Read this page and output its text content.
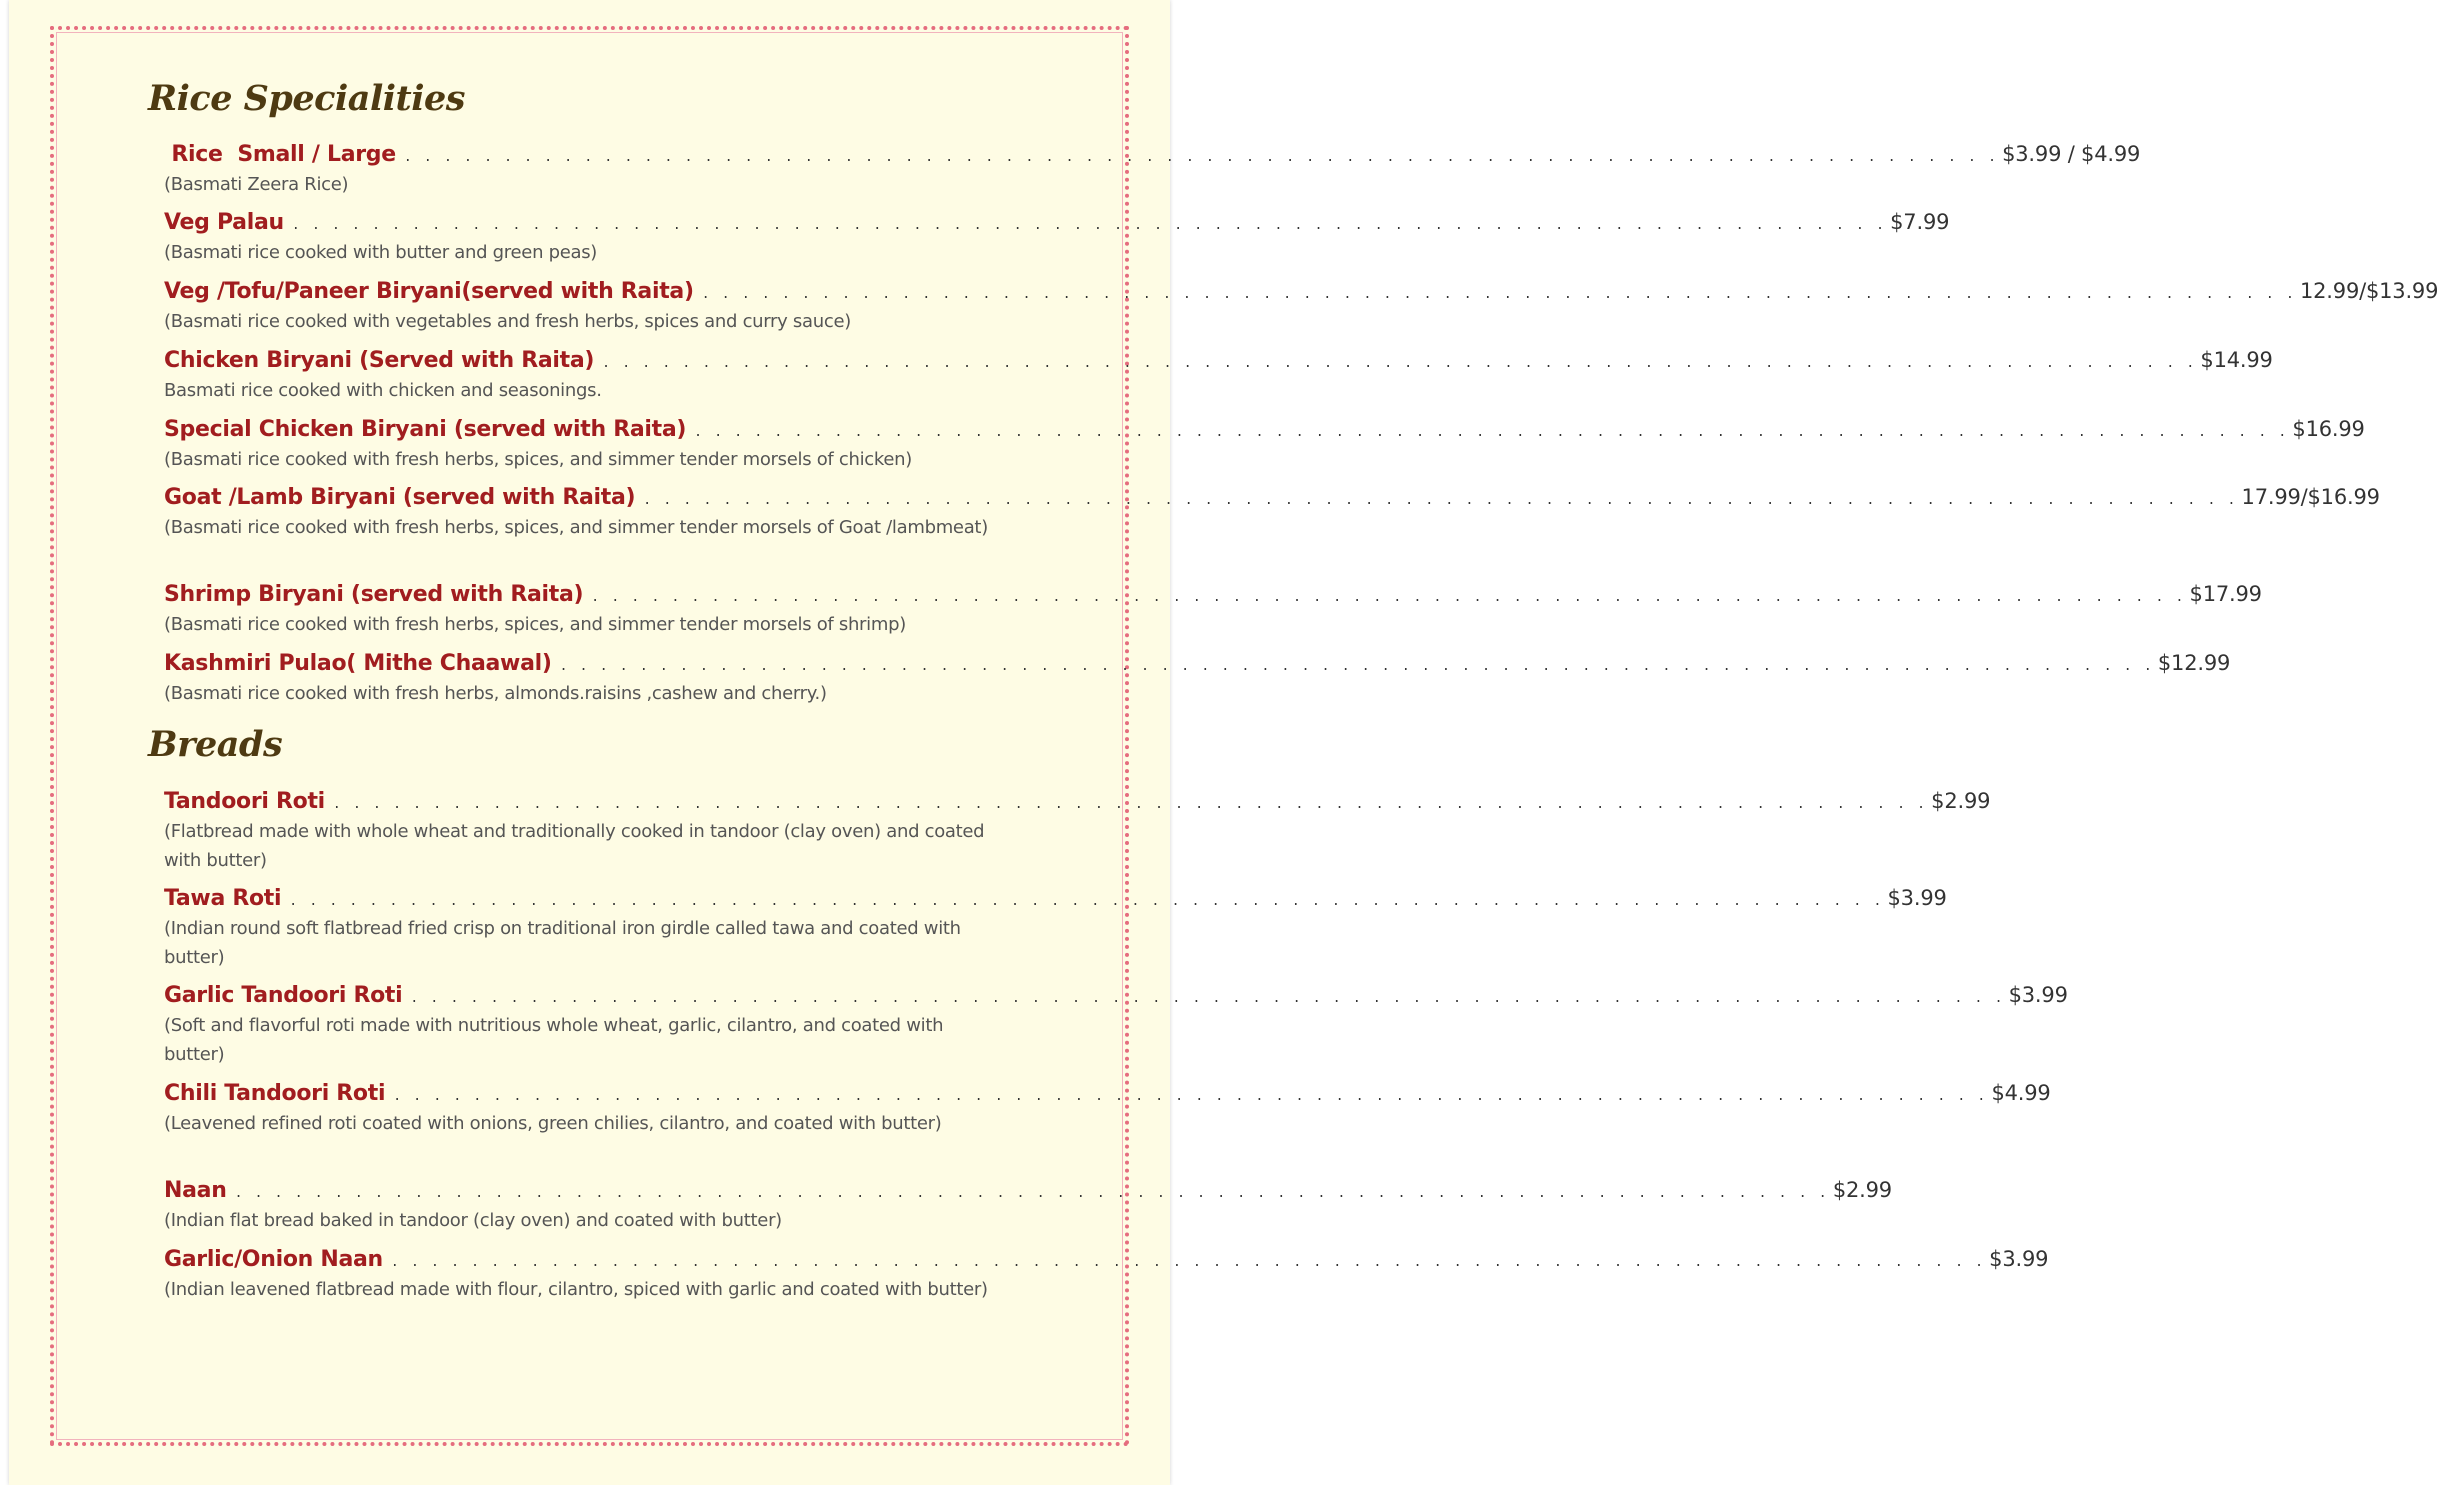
Rice Specialities
Rice  Small / Large . . . . . . . . . . . . . . . . . . . . . . . . . . . . . . . . . . . . . . . . . . . . . . . . . . . . . . . . . . . . . . . . . . . . . . . . . . . . . . . . $3.99 / $4.99
(Basmati Zeera Rice)
Veg Palau . . . . . . . . . . . . . . . . . . . . . . . . . . . . . . . . . . . . . . . . . . . . . . . . . . . . . . . . . . . . . . . . . . . . . . . . . . . . . . . . $7.99
(Basmati rice cooked with butter and green peas)
Veg /Tofu/Paneer Biryani(served with Raita) . . . . . . . . . . . . . . . . . . . . . . . . . . . . . . . . . . . . . . . . . . . . . . . . . . . . . . . . . . . . . . . . . . . . . . . . . . . . . . . . 12.99/$13.99
(Basmati rice cooked with vegetables and fresh herbs, spices and curry sauce)
Chicken Biryani (Served with Raita) . . . . . . . . . . . . . . . . . . . . . . . . . . . . . . . . . . . . . . . . . . . . . . . . . . . . . . . . . . . . . . . . . . . . . . . . . . . . . . . . $14.99
Basmati rice cooked with chicken and seasonings.
Special Chicken Biryani (served with Raita) . . . . . . . . . . . . . . . . . . . . . . . . . . . . . . . . . . . . . . . . . . . . . . . . . . . . . . . . . . . . . . . . . . . . . . . . . . . . . . . . $16.99
(Basmati rice cooked with fresh herbs, spices, and simmer tender morsels of chicken)
Goat /Lamb Biryani (served with Raita) . . . . . . . . . . . . . . . . . . . . . . . . . . . . . . . . . . . . . . . . . . . . . . . . . . . . . . . . . . . . . . . . . . . . . . . . . . . . . . . . 17.99/$16.99
(Basmati rice cooked with fresh herbs, spices, and simmer tender morsels of Goat /lambmeat)
Shrimp Biryani (served with Raita) . . . . . . . . . . . . . . . . . . . . . . . . . . . . . . . . . . . . . . . . . . . . . . . . . . . . . . . . . . . . . . . . . . . . . . . . . . . . . . . . $17.99
(Basmati rice cooked with fresh herbs, spices, and simmer tender morsels of shrimp)
Kashmiri Pulao( Mithe Chaawal) . . . . . . . . . . . . . . . . . . . . . . . . . . . . . . . . . . . . . . . . . . . . . . . . . . . . . . . . . . . . . . . . . . . . . . . . . . . . . . . . $12.99
(Basmati rice cooked with fresh herbs, almonds.raisins ,cashew and cherry.)
Breads
Tandoori Roti . . . . . . . . . . . . . . . . . . . . . . . . . . . . . . . . . . . . . . . . . . . . . . . . . . . . . . . . . . . . . . . . . . . . . . . . . . . . . . . . $2.99
(Flatbread made with whole wheat and traditionally cooked in tandoor (clay oven) and coated with butter)
Tawa Roti . . . . . . . . . . . . . . . . . . . . . . . . . . . . . . . . . . . . . . . . . . . . . . . . . . . . . . . . . . . . . . . . . . . . . . . . . . . . . . . . $3.99
(Indian round soft flatbread fried crisp on traditional iron girdle called tawa and coated with butter)
Garlic Tandoori Roti . . . . . . . . . . . . . . . . . . . . . . . . . . . . . . . . . . . . . . . . . . . . . . . . . . . . . . . . . . . . . . . . . . . . . . . . . . . . . . . . $3.99
(Soft and flavorful roti made with nutritious whole wheat, garlic, cilantro, and coated with butter)
Chili Tandoori Roti . . . . . . . . . . . . . . . . . . . . . . . . . . . . . . . . . . . . . . . . . . . . . . . . . . . . . . . . . . . . . . . . . . . . . . . . . . . . . . . . $4.99
(Leavened refined roti coated with onions, green chilies, cilantro, and coated with butter)
Naan . . . . . . . . . . . . . . . . . . . . . . . . . . . . . . . . . . . . . . . . . . . . . . . . . . . . . . . . . . . . . . . . . . . . . . . . . . . . . . . . $2.99
(Indian flat bread baked in tandoor (clay oven) and coated with butter)
Garlic/Onion Naan . . . . . . . . . . . . . . . . . . . . . . . . . . . . . . . . . . . . . . . . . . . . . . . . . . . . . . . . . . . . . . . . . . . . . . . . . . . . . . . . $3.99
(Indian leavened flatbread made with flour, cilantro, spiced with garlic and coated with butter)
